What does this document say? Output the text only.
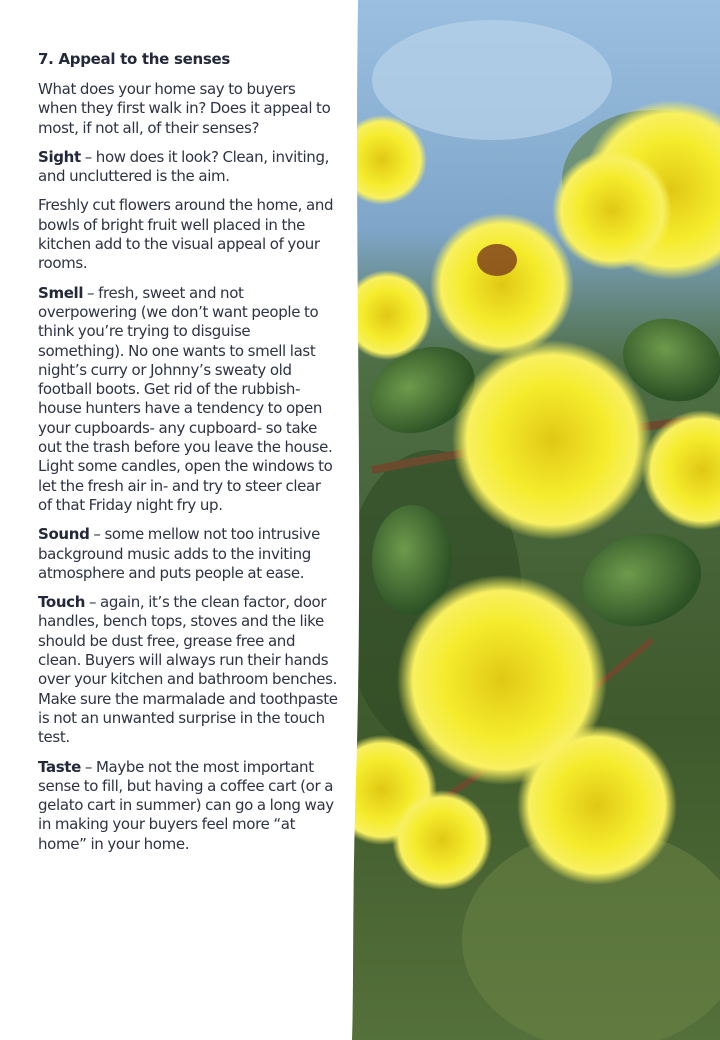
7. Appeal to the senses

What does your home say to buyers when they first walk in? Does it appeal to most, if not all, of their senses?

Sight – how does it look? Clean, inviting, and uncluttered is the aim.

Freshly cut flowers around the home, and bowls of bright fruit well placed in the kitchen add to the visual appeal of your rooms.

Smell – fresh, sweet and not overpowering (we don’t want people to think you’re trying to disguise something). No one wants to smell last night’s curry or Johnny’s sweaty old football boots. Get rid of the rubbish- house hunters have a tendency to open your cupboards- any cupboard- so take out the trash before you leave the house. Light some candles, open the windows to let the fresh air in- and try to steer clear of that Friday night fry up.

Sound – some mellow not too intrusive background music adds to the inviting atmosphere and puts people at ease.

Touch – again, it’s the clean factor, door handles, bench tops, stoves and the like should be dust free, grease free and clean. Buyers will always run their hands over your kitchen and bathroom benches. Make sure the marmalade and toothpaste is not an unwanted surprise in the touch test.

Taste – Maybe not the most important sense to fill, but having a coffee cart (or a gelato cart in summer) can go a long way in making your buyers feel more “at home” in your home.
